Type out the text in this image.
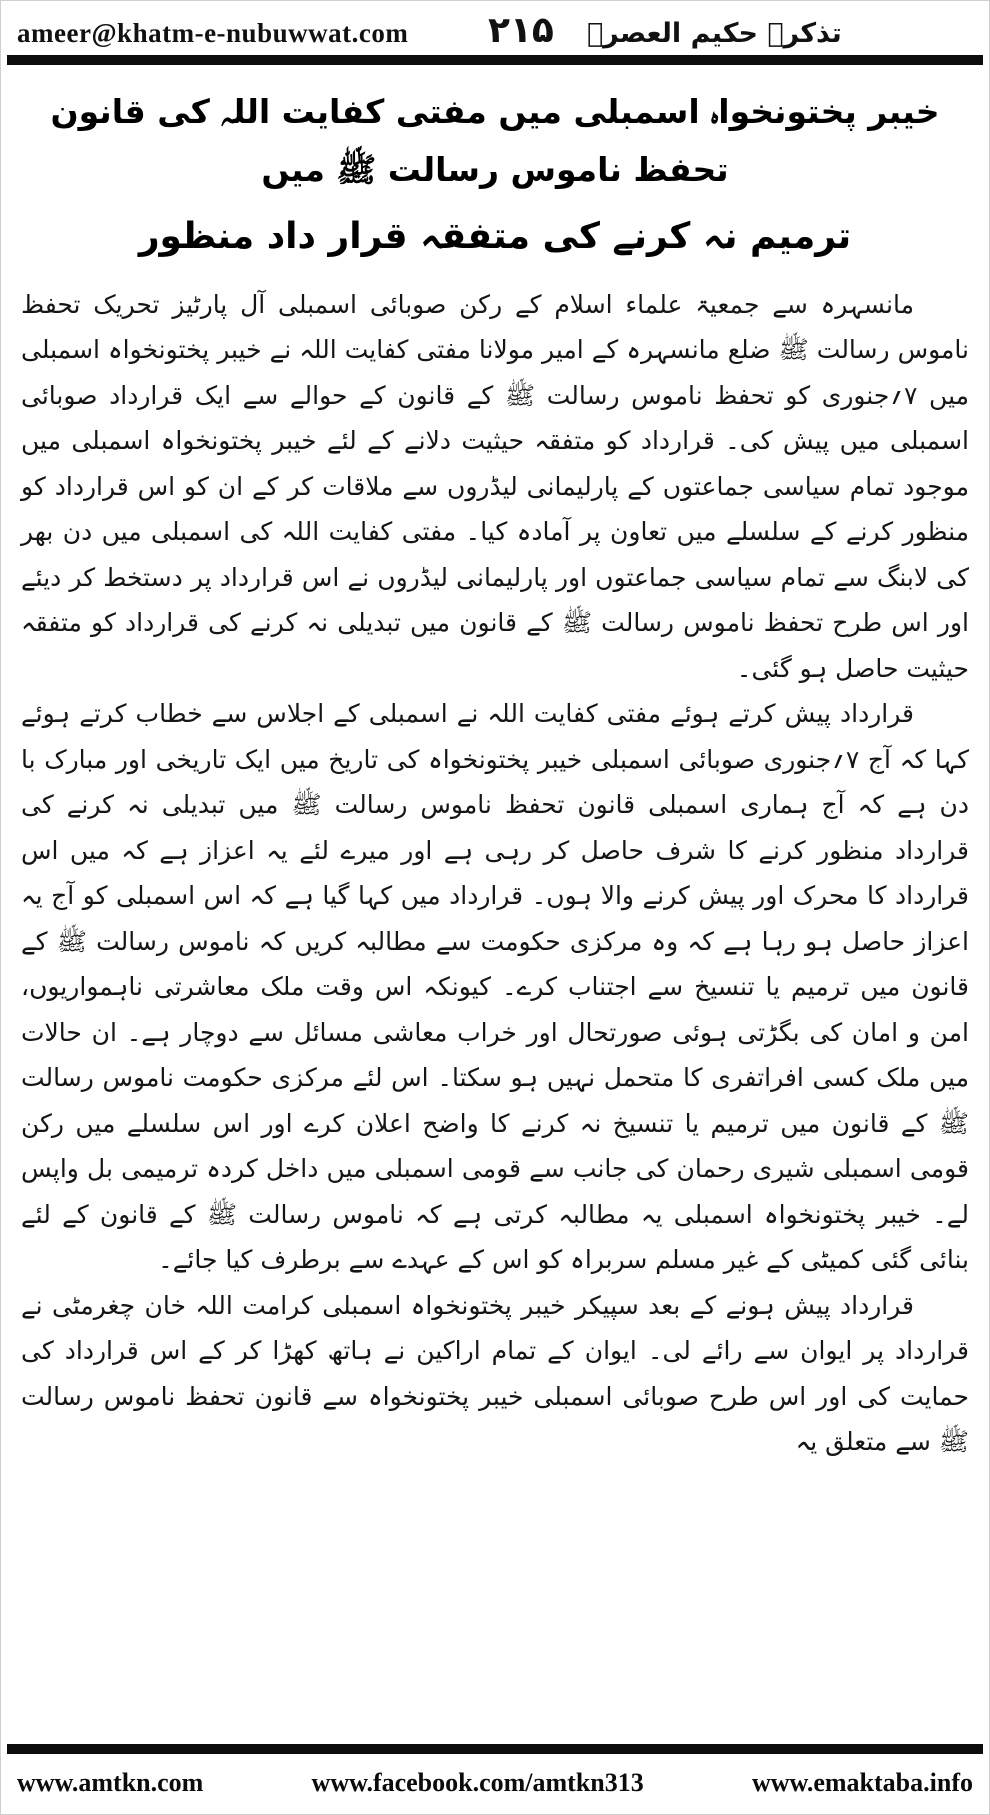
ameer@khatm-e-nubuwwat.com	۲۱۵	تذکرہ حکیم العصرؒ
خیبر پختونخواہ اسمبلی میں مفتی کفایت اللہ کی قانون تحفظ ناموس رسالت ﷺ میں
ترمیم نہ کرنے کی متفقہ قرار داد منظور

مانسہرہ سے جمعیۃ علماء اسلام کے رکن صوبائی اسمبلی آل پارٹیز تحریک تحفظ ناموس رسالت ﷺ ضلع مانسہرہ کے امیر مولانا مفتی کفایت اللہ نے خیبر پختونخواہ اسمبلی میں ۷؍جنوری کو تحفظ ناموس رسالت ﷺ کے قانون کے حوالے سے ایک قرارداد صوبائی اسمبلی میں پیش کی۔ قرارداد کو متفقہ حیثیت دلانے کے لئے خیبر پختونخواہ اسمبلی میں موجود تمام سیاسی جماعتوں کے پارلیمانی لیڈروں سے ملاقات کر کے ان کو اس قرارداد کو منظور کرنے کے سلسلے میں تعاون پر آمادہ کیا۔ مفتی کفایت اللہ کی اسمبلی میں دن بھر کی لابنگ سے تمام سیاسی جماعتوں اور پارلیمانی لیڈروں نے اس قرارداد پر دستخط کر دیئے اور اس طرح تحفظ ناموس رسالت ﷺ کے قانون میں تبدیلی نہ کرنے کی قرارداد کو متفقہ حیثیت حاصل ہو گئی۔

قرارداد پیش کرتے ہوئے مفتی کفایت اللہ نے اسمبلی کے اجلاس سے خطاب کرتے ہوئے کہا کہ آج ۷؍جنوری صوبائی اسمبلی خیبر پختونخواہ کی تاریخ میں ایک تاریخی اور مبارک با دن ہے کہ آج ہماری اسمبلی قانون تحفظ ناموس رسالت ﷺ میں تبدیلی نہ کرنے کی قرارداد منظور کرنے کا شرف حاصل کر رہی ہے اور میرے لئے یہ اعزاز ہے کہ میں اس قرارداد کا محرک اور پیش کرنے والا ہوں۔ قرارداد میں کہا گیا ہے کہ اس اسمبلی کو آج یہ اعزاز حاصل ہو رہا ہے کہ وہ مرکزی حکومت سے مطالبہ کریں کہ ناموس رسالت ﷺ کے قانون میں ترمیم یا تنسیخ سے اجتناب کرے۔ کیونکہ اس وقت ملک معاشرتی ناہمواریوں، امن و امان کی بگڑتی ہوئی صورتحال اور خراب معاشی مسائل سے دوچار ہے۔ ان حالات میں ملک کسی افراتفری کا متحمل نہیں ہو سکتا۔ اس لئے مرکزی حکومت ناموس رسالت ﷺ کے قانون میں ترمیم یا تنسیخ نہ کرنے کا واضح اعلان کرے اور اس سلسلے میں رکن قومی اسمبلی شیری رحمان کی جانب سے قومی اسمبلی میں داخل کردہ ترمیمی بل واپس لے۔ خیبر پختونخواہ اسمبلی یہ مطالبہ کرتی ہے کہ ناموس رسالت ﷺ کے قانون کے لئے بنائی گئی کمیٹی کے غیر مسلم سربراہ کو اس کے عہدے سے برطرف کیا جائے۔

قرارداد پیش ہونے کے بعد سپیکر خیبر پختونخواہ اسمبلی کرامت اللہ خان چغرمٹی نے قرارداد پر ایوان سے رائے لی۔ ایوان کے تمام اراکین نے ہاتھ کھڑا کر کے اس قرارداد کی حمایت کی اور اس طرح صوبائی اسمبلی خیبر پختونخواہ سے قانون تحفظ ناموس رسالت ﷺ سے متعلق یہ

www.amtkn.com	www.facebook.com/amtkn313	www.emaktaba.info
